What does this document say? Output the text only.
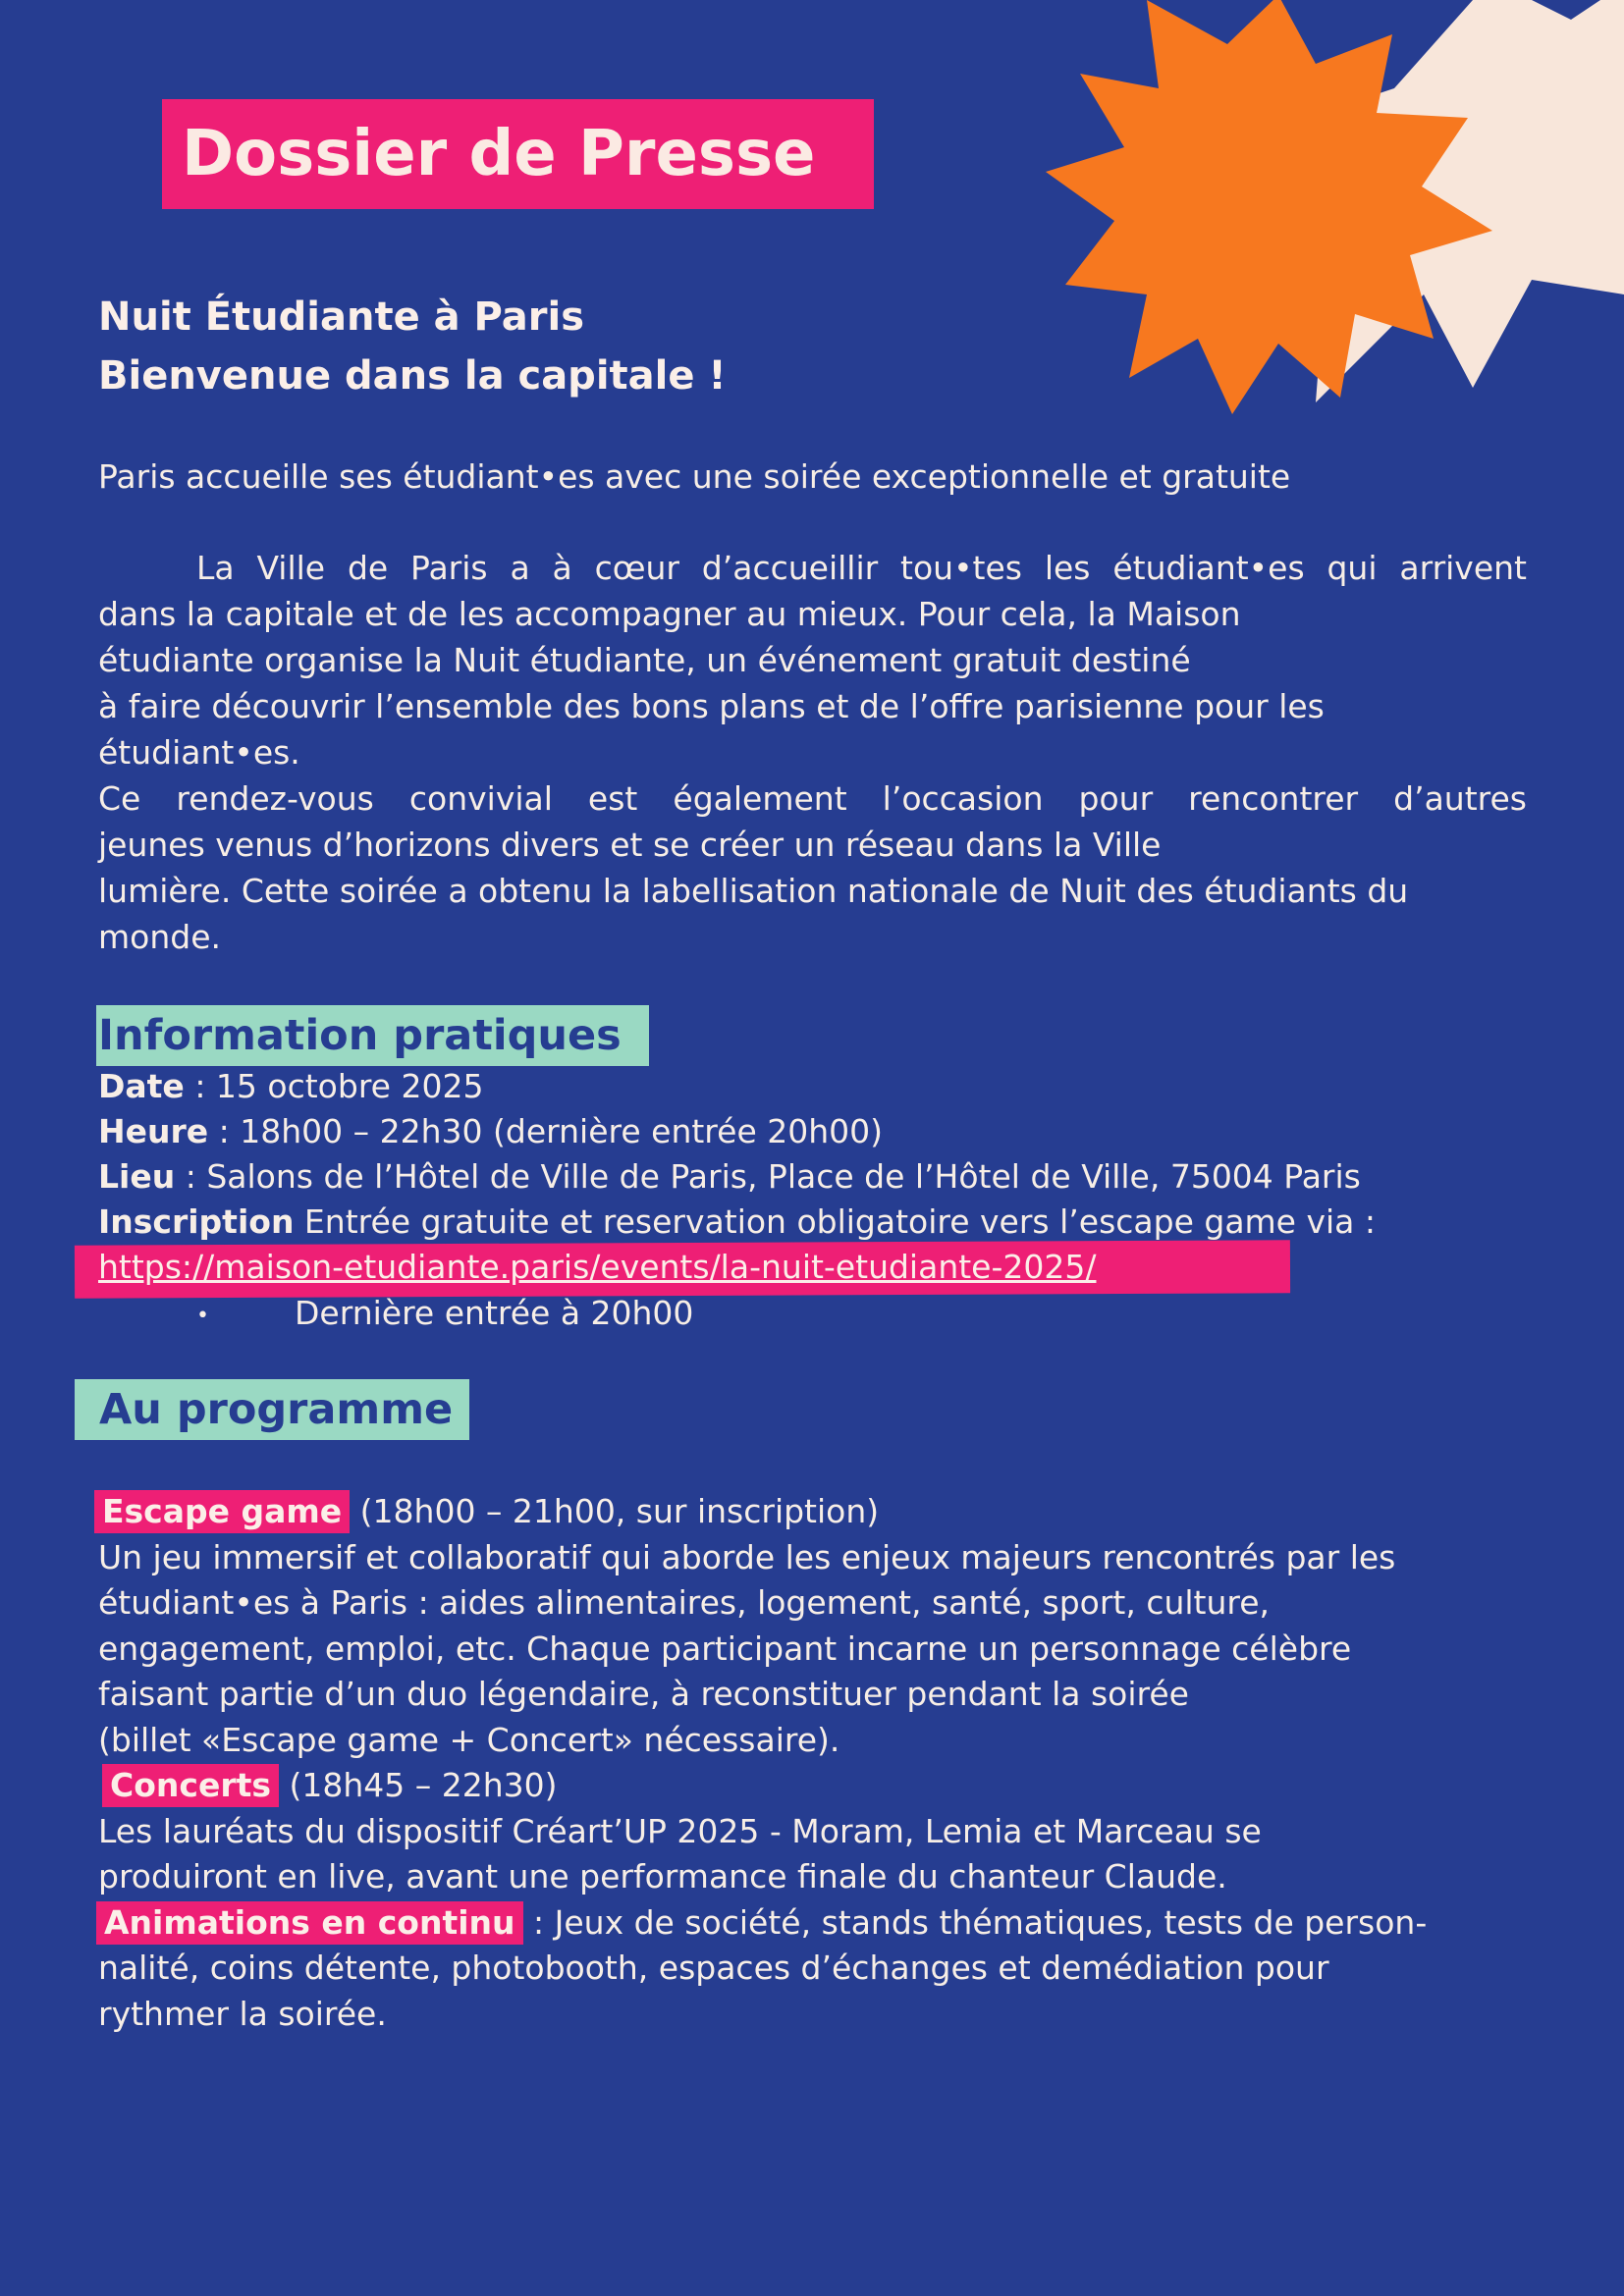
Dossier de Presse
Nuit Étudiante à Paris
Bienvenue dans la capitale !
Paris accueille ses étudiant•es avec une soirée exceptionnelle et gratuite
La Ville de Paris a à cœur d’accueillir tou•tes les étudiant•es qui arrivent
dans la capitale et de les accompagner au mieux. Pour cela, la Maison
étudiante organise la Nuit étudiante, un événement gratuit destiné
à faire découvrir l’ensemble des bons plans et de l’offre parisienne pour les
étudiant•es.
Ce rendez-vous convivial est également l’occasion pour rencontrer d’autres
jeunes venus d’horizons divers et se créer un réseau dans la Ville
lumière. Cette soirée a obtenu la labellisation nationale de Nuit des étudiants du
monde.
Information pratiques
Date : 15 octobre 2025
Heure : 18h00 – 22h30 (dernière entrée 20h00)
Lieu : Salons de l’Hôtel de Ville de Paris, Place de l’Hôtel de Ville, 75004 Paris
Inscription Entrée gratuite et reservation obligatoire vers l’escape game via :
https://maison-etudiante.paris/events/la-nuit-etudiante-2025/
•	Dernière entrée à 20h00
Au programme
Escape game (18h00 – 21h00, sur inscription)
Un jeu immersif et collaboratif qui aborde les enjeux majeurs rencontrés par les
étudiant•es à Paris : aides alimentaires, logement, santé, sport, culture,
engagement, emploi, etc. Chaque participant incarne un personnage célèbre
faisant partie d’un duo légendaire, à reconstituer pendant la soirée
(billet «Escape game + Concert» nécessaire).
Concerts (18h45 – 22h30)
Les lauréats du dispositif Créart’UP 2025 - Moram, Lemia et Marceau se
produiront en live, avant une performance finale du chanteur Claude.
Animations en continu : Jeux de société, stands thématiques, tests de person-
nalité, coins détente, photobooth, espaces d’échanges et demédiation pour
rythmer la soirée.
